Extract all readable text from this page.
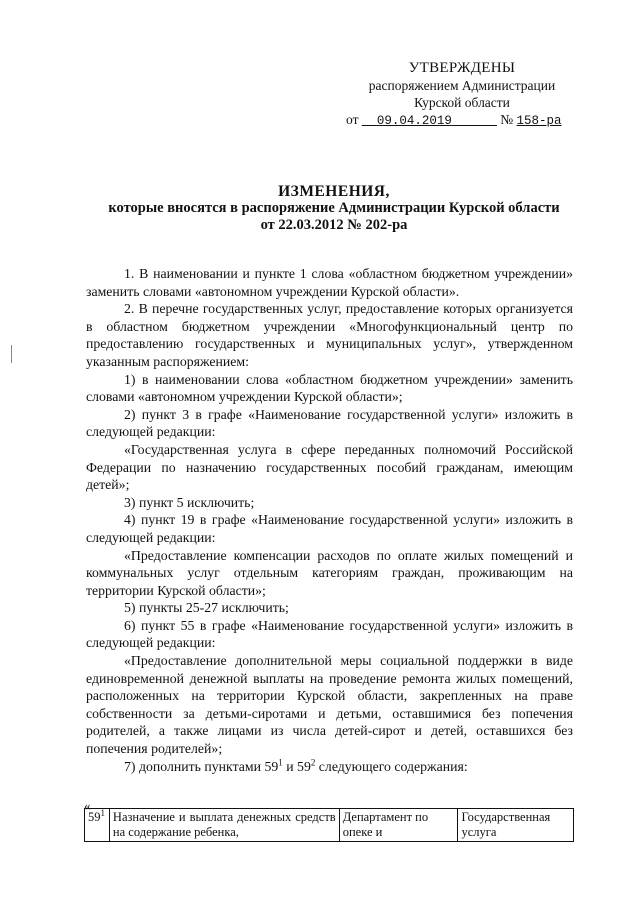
УТВЕРЖДЕНЫ
распоряжением Администрации
Курской области
от 09.04.2019	№ 158-ра
ИЗМЕНЕНИЯ,
которые вносятся в распоряжение Администрации Курской области
от 22.03.2012 № 202-ра

1. В наименовании и пункте 1 слова «областном бюджетном учреждении» заменить словами «автономном учреждении Курской области».

2. В перечне государственных услуг, предоставление которых организуется в областном бюджетном учреждении «Многофункциональный центр по предоставлению государственных и муниципальных услуг», утвержденном указанным распоряжением:

1) в наименовании слова «областном бюджетном учреждении» заменить словами «автономном учреждении Курской области»;

2) пункт 3 в графе «Наименование государственной услуги» изложить в следующей редакции:

«Государственная услуга в сфере переданных полномочий Российской Федерации по назначению государственных пособий гражданам, имеющим детей»;

3) пункт 5 исключить;

4) пункт 19 в графе «Наименование государственной услуги» изложить в следующей редакции:

«Предоставление компенсации расходов по оплате жилых помещений и коммунальных услуг отдельным категориям граждан, проживающим на территории Курской области»;

5) пункты 25-27 исключить;

6) пункт 55 в графе «Наименование государственной услуги» изложить в следующей редакции:

«Предоставление дополнительной меры социальной поддержки в виде единовременной денежной выплаты на проведение ремонта жилых помещений, расположенных на территории Курской области, закрепленных на праве собственности за детьми-сиротами и детьми, оставшимися без попечения родителей, а также лицами из числа детей-сирот и детей, оставшихся без попечения родителей»;

7) дополнить пунктами $59^1$ и $59^2$ следующего содержания:

«
$59^1$	Назначение и выплата денежных средств на содержание ребенка,	Департамент по опеке и	Государственная услуга
